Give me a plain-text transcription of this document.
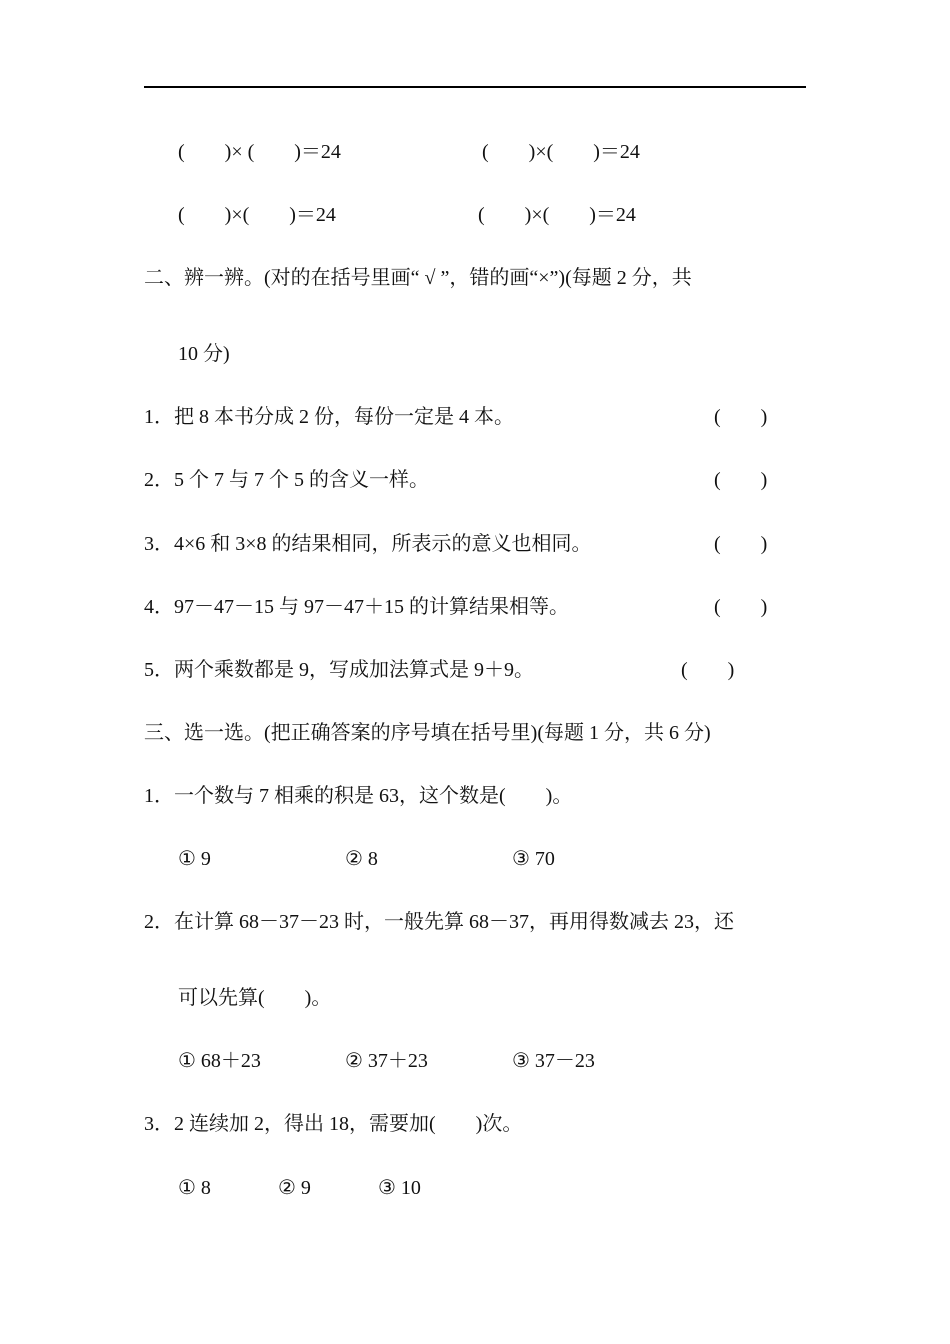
(　　)× (　　)＝24	(　　)×(　　)＝24
(　　)×(　　)＝24	(　　)×(　　)＝24
二、辨一辨。(对的在括号里画“ √ ”，错的画“×”)(每题 2 分，共
10 分)
1．把 8 本书分成 2 份，每份一定是 4 本。	(　　)
2．5 个 7 与 7 个 5 的含义一样。	(　　)
3．4×6 和 3×8 的结果相同，所表示的意义也相同。	(　　)
4．97－47－15 与 97－47＋15 的计算结果相等。	(　　)
5．两个乘数都是 9，写成加法算式是 9＋9。	(　　)
三、选一选。(把正确答案的序号填在括号里)(每题 1 分，共 6 分)
1．一个数与 7 相乘的积是 63，这个数是(　　)。
① 9	② 8	③ 70
2．在计算 68－37－23 时，一般先算 68－37，再用得数减去 23，还
可以先算(　　)。
① 68＋23	② 37＋23	③ 37－23
3．2 连续加 2，得出 18，需要加(　　)次。
① 8	② 9	③ 10
